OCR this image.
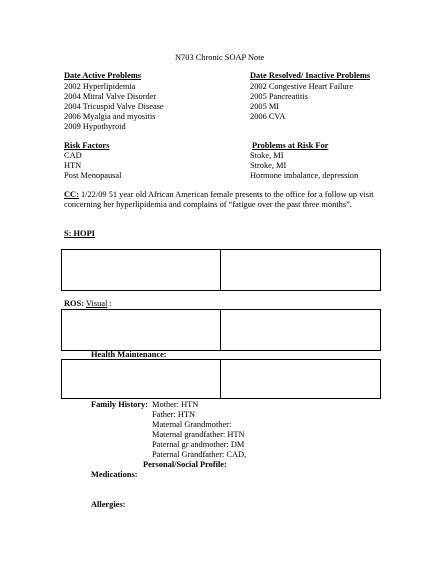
N703 Chronic SOAP Note
Date Active Problems	Date Resolved/ Inactive Problems
2002 Hyperlipidemia
2004 Mitral Valve Disorder
2004 Tricuspid Valve Disease
2006 Myalgia and myositis
2009 Hypothyroid
2002 Congestive Heart Failure
2005 Pancreatitis
2005 MI
2006 CVA
Risk Factors	Problems at Risk For
CAD
HTN
Post Menopausal
Stoke, MI
Stroke, MI
Hormone imbalance, depression
CC: 1/22/09 51 year old African American female presents to the office for a follow up visit concerning her hyperlipidemia and complains of “fatigue over the past three months”.
S: HOPI
ROS: Visual :
Health Maintenance:
Family History: Mother: HTN
Father: HTN
Maternal Grandmother:
Maternal grandfather: HTN
Paternal gr andmother: DM
Paternal Grandfather: CAD,
Personal/Social Profile:
Medications:
Allergies:
